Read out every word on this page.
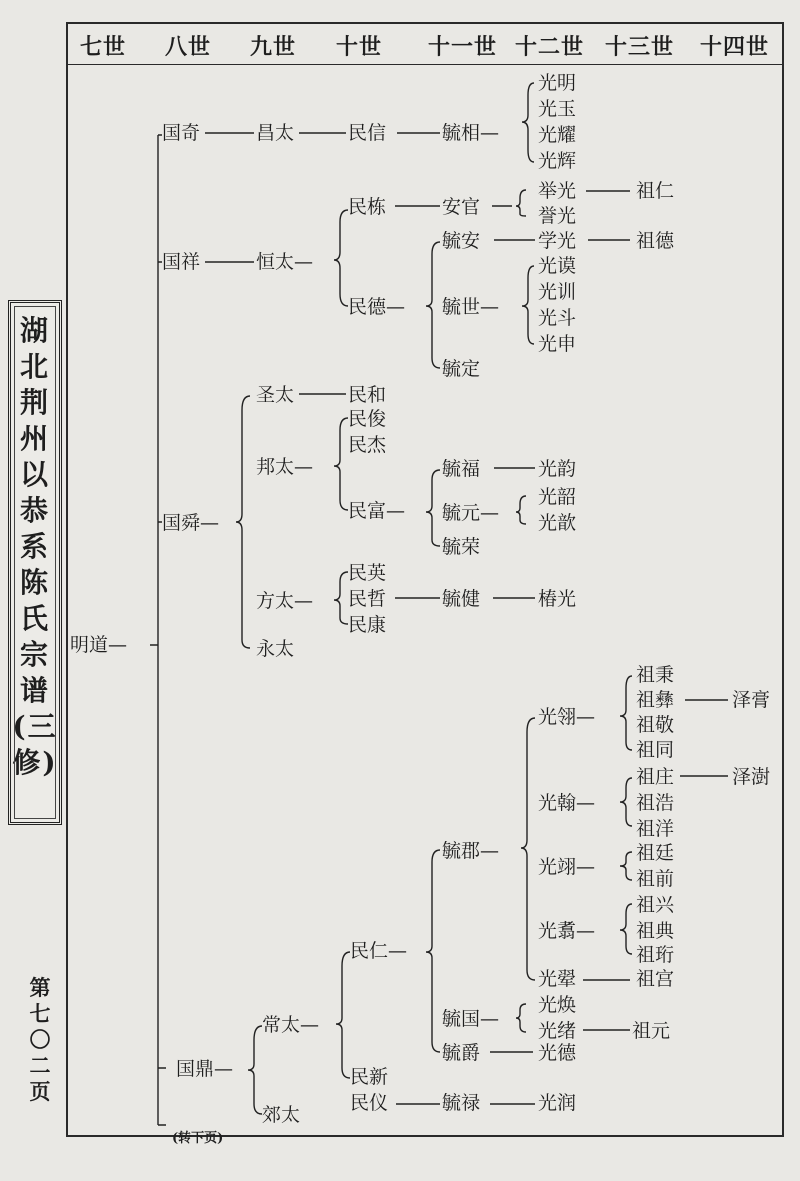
七世 八世 九世 十世 十一世 十二世 十三世 十四世
湖北荆州以恭系陈氏宗谱(三修)
第七〇二页
明道—
国奇	昌太	民信	毓相—
光明
光玉
光耀
光辉
国祥	恒太—
民栋	安官
举光	祖仁
誉光
民德—
毓安	学光	祖德
毓世—
光谟
光训
光斗
光申
毓定
国舜—
圣太	民和
邦太—
民俊
民杰
民富—
毓福	光韵
毓元—
光韶
光歆
毓荣
方太—
民英
民哲
民康
毓健	椿光
永太
国鼎—
常太—
郊太
民仁—
毓郡—
光翎—
祖秉
祖彝
祖敬
祖同
泽膏
光翰—
祖庄
祖浩
祖洋
泽澍
光翊—
祖廷
祖前
光翥—
祖兴
祖典
祖珩
光翚	祖宫
毓国—
光焕
光绪	祖元
毓爵	光德
民新
民仪	毓禄	光润
(转下页)
